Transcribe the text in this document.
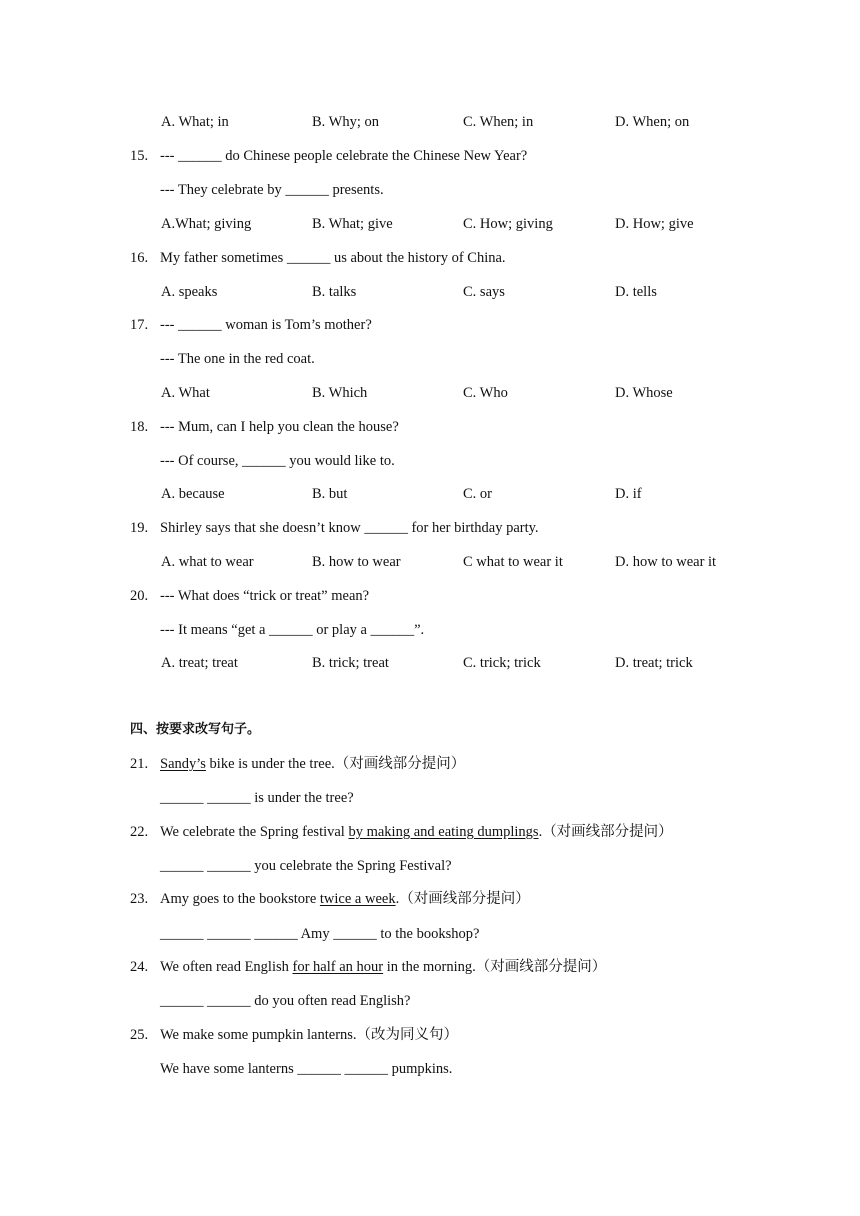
A. What; in	B. Why; on	C. When; in	D. When; on
15. --- ______ do Chinese people celebrate the Chinese New Year?
--- They celebrate by ______ presents.
A.What; giving	B. What; give	C. How; giving	D. How; give
16. My father sometimes ______ us about the history of China.
A. speaks	B. talks	C. says	D. tells
17. --- ______ woman is Tom’s mother?
--- The one in the red coat.
A. What	B. Which	C. Who	D. Whose
18. --- Mum, can I help you clean the house?
--- Of course, ______ you would like to.
A. because	B. but	C. or	D. if
19. Shirley says that she doesn’t know ______ for her birthday party.
A. what to wear	B. how to wear	C what to wear it	D. how to wear it
20. --- What does “trick or treat” mean?
--- It means “get a ______ or play a ______”.
A. treat; treat	B. trick; treat	C. trick; trick	D. treat; trick
四、按要求改写句子。
21. Sandy’s bike is under the tree.（对画线部分提问）
______ ______ is under the tree?
22. We celebrate the Spring festival by making and eating dumplings.（对画线部分提问）
______ ______ you celebrate the Spring Festival?
23. Amy goes to the bookstore twice a week.（对画线部分提问）
______ ______ ______ Amy ______ to the bookshop?
24. We often read English for half an hour in the morning.（对画线部分提问）
______ ______ do you often read English?
25. We make some pumpkin lanterns.（改为同义句）
We have some lanterns ______ ______ pumpkins.
